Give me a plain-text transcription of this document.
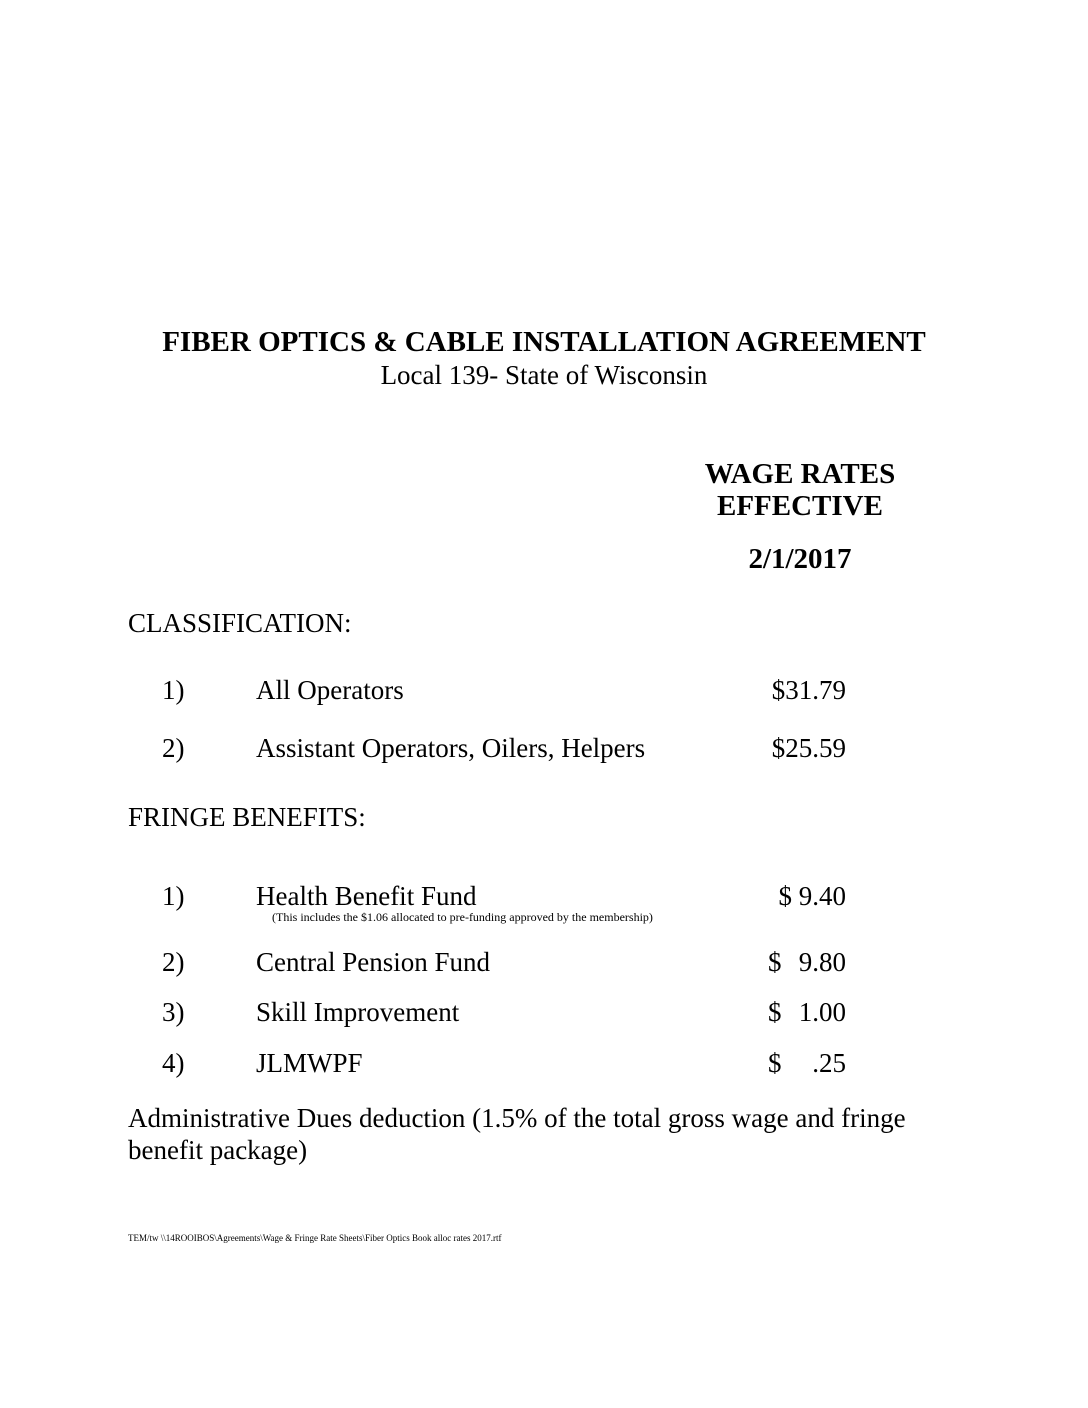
FIBER OPTICS & CABLE INSTALLATION AGREEMENT
Local 139- State of Wisconsin
WAGE RATES
EFFECTIVE
2/1/2017
CLASSIFICATION:
1)	All Operators	$31.79
2)	Assistant Operators, Oilers, Helpers	$25.59
FRINGE BENEFITS:
1)	Health Benefit Fund	$ 9.40
(This includes the $1.06 allocated to pre-funding approved by the membership)
2)	Central Pension Fund	$ 9.80
3)	Skill Improvement	$ 1.00
4)	JLMWPF	$ .25
Administrative Dues deduction (1.5% of the total gross wage and fringe benefit package)
TEM/tw \\14ROOIBOS\Agreements\Wage & Fringe Rate Sheets\Fiber Optics Book alloc rates 2017.rtf
